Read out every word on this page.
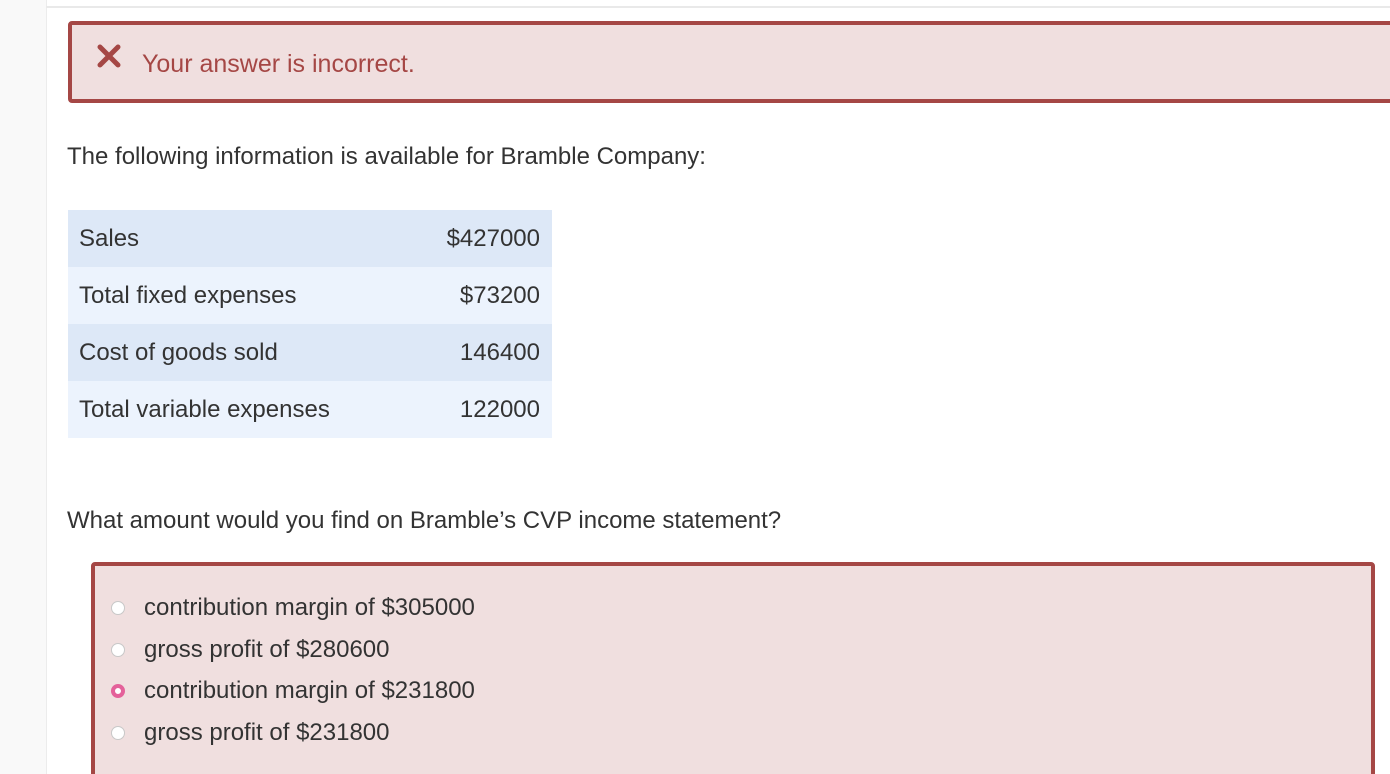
Your answer is incorrect.
The following information is available for Bramble Company:
Sales	$427000
Total fixed expenses	$73200
Cost of goods sold	146400
Total variable expenses	122000
What amount would you find on Bramble’s CVP income statement?
contribution margin of $305000
gross profit of $280600
contribution margin of $231800
gross profit of $231800
